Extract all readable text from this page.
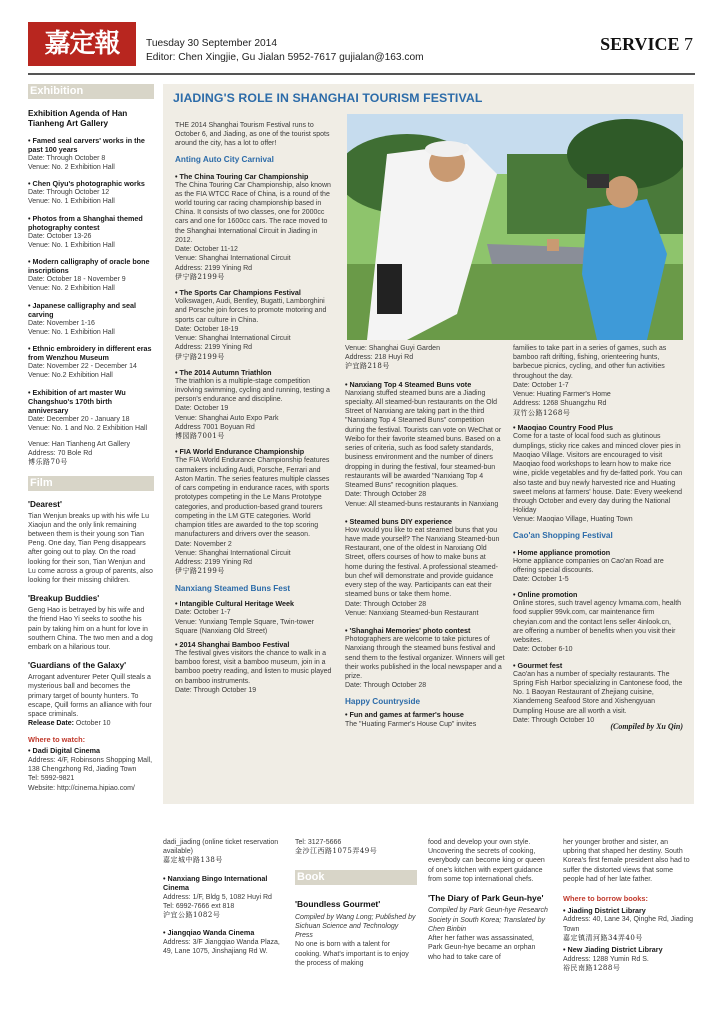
嘉定報	Tuesday 30 September 2014
Editor: Chen Xingjie, Gu Jialan 5952-7617 gujialan@163.com
SERVICE 7
Exhibition
Exhibition Agenda of Han Tianheng Art Gallery
• Famed seal carvers' works in the past 100 years
Date: Through October 8
Venue: No. 2 Exhibition Hall
• Chen Qiyu's photographic works
Date: Through October 12
Venue: No. 1 Exhibition Hall
• Photos from a Shanghai themed photography contest
Date: October 13-26
Venue: No. 1 Exhibition Hall
• Modern calligraphy of oracle bone inscriptions
Date: October 18 - November 9
Venue: No. 2 Exhibition Hall
• Japanese calligraphy and seal carving
Date: November 1-16
Venue: No. 1 Exhibition Hall
• Ethnic embroidery in different eras from Wenzhou Museum
Date: November 22 - December 14
Venue: No.2 Exhibition Hall
• Exhibition of art master Wu Changshuo's 170th birth anniversary
Date: December 20 - January 18
Venue: No. 1 and No. 2 Exhibition Hall
Venue: Han Tianheng Art Gallery
Address: 70 Bole Rd
博乐路70号
Film
'Dearest'
Tian Wenjun breaks up with his wife Lu Xiaojun and the only link remaining between them is their young son Tian Peng. One day, Tian Peng disappears after going out to play. On the road looking for their son, Tian Wenjun and Lu come across a group of parents, also looking for their missing children.
'Breakup Buddies'
Geng Hao is betrayed by his wife and the friend Hao Yi seeks to soothe his pain by taking him on a hunt for love in southern China. The two men and a dog embark on a hilarious tour.
'Guardians of the Galaxy'
Arrogant adventurer Peter Quill steals a mysterious ball and becomes the primary target of bounty hunters. To escape, Quill forms an alliance with four space criminals.
Release Date: October 10
Where to watch:
• Dadi Digital Cinema
Address: 4/F, Robinsons Shopping Mall, 138 Chengzhong Rd, Jiading Town
Tel: 5992-9821
Website: http://cinema.hipiao.com/
JIADING'S ROLE IN SHANGHAI TOURISM FESTIVAL
THE 2014 Shanghai Tourism Festival runs to October 6, and Jiading, as one of the tourist spots around the city, has a lot to offer!
Anting Auto City Carnival
• The China Touring Car Championship
The China Touring Car Championship, also known as the FIA WTCC Race of China, is a round of the world touring car racing championship based in China. It consists of two classes, one for 2000cc cars and one for 1600cc cars. The race moved to the Shanghai International Circuit in Jiading in 2012.
Date: October 11-12
Venue: Shanghai International Circuit
Address: 2199 Yining Rd
伊宁路2199号
• The Sports Car Champions Festival
Volkswagen, Audi, Bentley, Bugatti, Lamborghini and Porsche join forces to promote motoring and sports car culture in China.
Date: October 18-19
Venue: Shanghai International Circuit
Address: 2199 Yining Rd
伊宁路2199号
• The 2014 Autumn Triathlon
The triathlon is a multiple-stage competition involving swimming, cycling and running, testing a person's endurance and discipline.
Date: October 19
Venue: Shanghai Auto Expo Park
Address 7001 Boyuan Rd
博园路7001号
• FIA World Endurance Championship
The FIA World Endurance Championship features carmakers including Audi, Porsche, Ferrari and Aston Martin. The series features multiple classes of cars competing in endurance races, with sports prototypes competing in the Le Mans Prototype categories, and production-based grand tourers competing in the LM GTE categories. World champion titles are awarded to the top scoring manufacturers and drivers over the season.
Date: November 2
Venue: Shanghai International Circuit
Address: 2199 Yining Rd
伊宁路2199号
Nanxiang Steamed Buns Fest
• Intangible Cultural Heritage Week
Date: October 1-7
Venue: Yunxiang Temple Square, Twin-tower Square (Nanxiang Old Street)
• 2014 Shanghai Bamboo Festival
The festival gives visitors the chance to walk in a bamboo forest, visit a bamboo museum, join in a bamboo poetry reading, and listen to music played on bamboo instruments.
Date: Through October 19
Venue: Shanghai Guyi Garden
Address: 218 Huyi Rd
沪宜路218号
• Nanxiang Top 4 Steamed Buns vote
Nanxiang stuffed steamed buns are a Jiading specialty. All steamed-bun restaurants on the Old Street of Nanxiang are taking part in the third "Nanxiang Top 4 Steamed Buns" competition during the festival. Tourists can vote on WeChat or Weibo for their favorite steamed buns. Based on a series of criteria, such as food safety standards, business environment and the number of diners dropping in during the festival, four steamed-bun restaurants will be awarded "Nanxiang Top 4 Steamed Buns" recognition plaques.
Date: Through October 28
Venue: All steamed-buns restaurants in Nanxiang
• Steamed buns DIY experience
How would you like to eat steamed buns that you have made yourself? The Nanxiang Steamed-bun Restaurant, one of the oldest in Nanxiang Old Street, offers courses of how to make buns at home during the festival. A professional steamed-bun chef will demonstrate and provide guidance every step of the way. Participants can eat their steamed buns or take them home.
Date: Through October 28
Venue: Nanxiang Steamed-bun Restaurant
• 'Shanghai Memories' photo contest
Photographers are welcome to take pictures of Nanxiang through the steamed buns festival and send them to the festival organizer. Winners will get their works published in the local newspaper and a prize.
Date: Through October 28
Happy Countryside
• Fun and games at farmer's house
The "Huating Farmer's House Cup" invites
families to take part in a series of games, such as bamboo raft drifting, fishing, orienteering hunts, barbecue picnics, cycling, and other fun activities throughout the day.
Date: October 1-7
Venue: Huating Farmer's Home
Address: 1268 Shuangzhu Rd
双竹公路1268号
• Maoqiao Country Food Plus
Come for a taste of local food such as glutinous dumplings, sticky rice cakes and minced clover pies in Maoqiao Village. Visitors are encouraged to visit Maoqiao food workshops to learn how to make rice wine, pickle vegetables and fry de-fatted pork. You can also taste and buy newly harvested rice and Huating sweet melons at farmers' house. Date: Every weekend through October and every day during the National Holiday
Venue: Maoqiao Village, Huating Town
Cao'an Shopping Festival
• Home appliance promotion
Home appliance companies on Cao'an Road are offering special discounts.
Date: October 1-5
• Online promotion
Online stores, such travel agency lvmama.com, health food supplier 99vk.com, car maintenance firm cheyian.com and the contact lens seller 4inlook.cn, are offering a number of benefits when you visit their websites.
Date: October 6-10
• Gourmet fest
Cao'an has a number of specialty restaurants. The Spring Fish Harbor specializing in Cantonese food, the No. 1 Baoyan Restaurant of Zhejiang cuisine, Xiandemeng Seafood Store and Xishengyuan Dumpling House are all worth a visit.
Date: Through October 10
(Compiled by Xu Qin)
dadi_jiading (online ticket reservation available)
嘉定城中路138号
• Nanxiang Bingo International Cinema
Address: 1/F, Bldg 5, 1082 Huyi Rd
Tel: 6992-7666 ext 818
沪宜公路1082号
• Jiangqiao Wanda Cinema
Address: 3/F Jiangqiao Wanda Plaza, 49, Lane 1075, Jinshajiang Rd W.
Tel: 3127-5666
金沙江西路1075弄49号
Book
'Boundless Gourmet'
Compiled by Wang Long; Published by Sichuan Science and Technology Press
No one is born with a talent for cooking. What's important is to enjoy the process of making
food and develop your own style. Uncovering the secrets of cooking, everybody can become king or queen of one's kitchen with expert guidance from some top international chefs.
'The Diary of Park Geun-hye'
Compiled by Park Geun-hye Research Society in South Korea; Translated by Chen Binbin
After her father was assassinated, Park Geun-hye became an orphan who had to take care of
her younger brother and sister, an upbring that shaped her destiny. South Korea's first female president also had to suffer the distorted views that some people had of her late father.
Where to borrow books:
• Jiading District Library
Address: 40, Lane 34, Qinghe Rd, Jiading Town
嘉定镇清河路34弄40号
• New Jiading District Library
Address: 1288 Yumin Rd S.
裕民南路1288号
